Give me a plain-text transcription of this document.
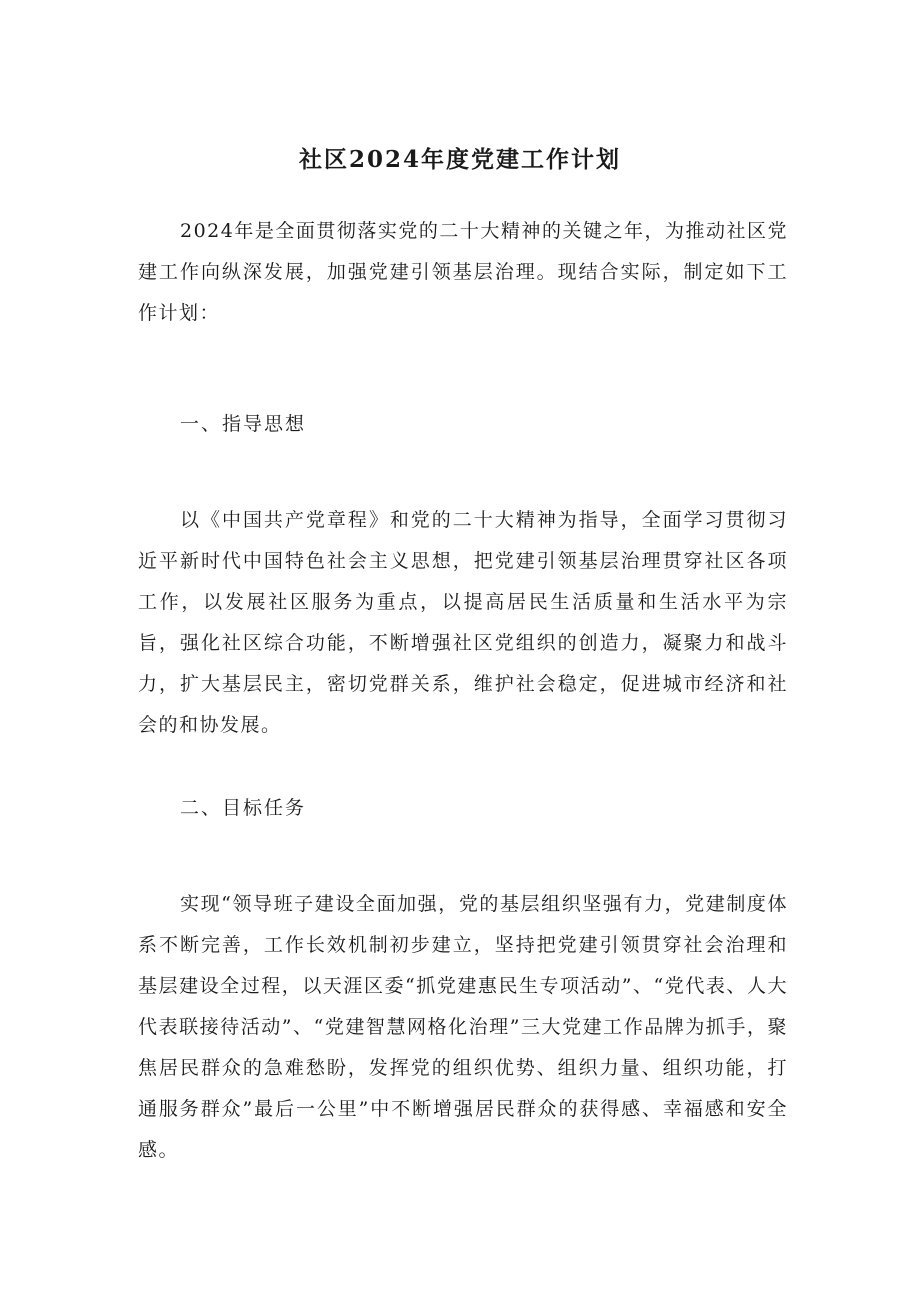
社区2024年度党建工作计划
2024年是全面贯彻落实党的二十大精神的关键之年，为推动社区党建工作向纵深发展，加强党建引领基层治理。现结合实际，制定如下工作计划：
一、指导思想
以《中国共产党章程》和党的二十大精神为指导，全面学习贯彻习近平新时代中国特色社会主义思想，把党建引领基层治理贯穿社区各项工作，以发展社区服务为重点，以提高居民生活质量和生活水平为宗旨，强化社区综合功能，不断增强社区党组织的创造力，凝聚力和战斗力，扩大基层民主，密切党群关系，维护社会稳定，促进城市经济和社会的和协发展。
二、目标任务
实现“领导班子建设全面加强，党的基层组织坚强有力，党建制度体系不断完善，工作长效机制初步建立，坚持把党建引领贯穿社会治理和基层建设全过程，以天涯区委“抓党建惠民生专项活动”、“党代表、人大代表联接待活动”、“党建智慧网格化治理”三大党建工作品牌为抓手，聚焦居民群众的急难愁盼，发挥党的组织优势、组织力量、组织功能，打通服务群众”最后一公里”中不断增强居民群众的获得感、幸福感和安全感。
